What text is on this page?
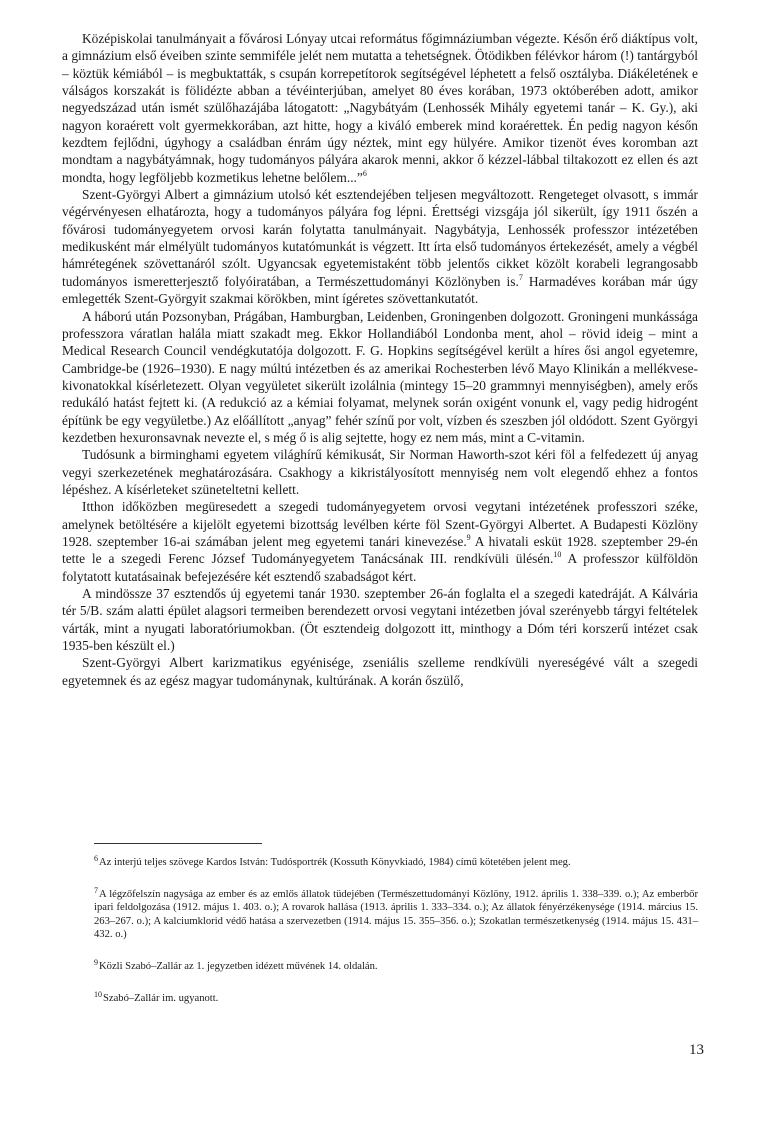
Középiskolai tanulmányait a fővárosi Lónyay utcai református főgimnáziumban végezte. Későn érő diáktípus volt, a gimnázium első éveiben szinte semmiféle jelét nem mutatta a tehetségnek. Ötödikben félévkor három (!) tantárgyból – köztük kémiából – is megbuktatták, s csupán korrepetítorok segítségével léphetett a felső osztályba. Diákéletének e válságos korszakát is fölidézte abban a tévéinterjúban, amelyet 80 éves korában, 1973 októberében adott, amikor negyedszázad után ismét szülőhazájába látogatott: „Nagybátyám (Lenhossék Mihály egyetemi tanár – K. Gy.), aki nagyon koraérett volt gyermekkorában, azt hitte, hogy a kiváló emberek mind koraérettek. Én pedig nagyon későn kezdtem fejlődni, úgyhogy a családban énrám úgy néztek, mint egy hülyére. Amikor tizenöt éves koromban azt mondtam a nagybátyámnak, hogy tudományos pályára akarok menni, akkor ő kézzel-lábbal tiltakozott ez ellen és azt mondta, hogy legföljebb kozmetikus lehetne belőlem...”$^6$

Szent-Györgyi Albert a gimnázium utolsó két esztendejében teljesen megváltozott. Rengeteget olvasott, s immár végérvényesen elhatározta, hogy a tudományos pályára fog lépni. Érettségi vizsgája jól sikerült, így 1911 őszén a fővárosi tudományegyetem orvosi karán folytatta tanulmányait. Nagybátyja, Lenhossék professzor intézetében medikusként már elmélyült tudományos kutatómunkát is végzett. Itt írta első tudományos értekezését, amely a végbél hámrétegének szövettanáról szólt. Ugyancsak egyetemistaként több jelentős cikket közölt korabeli legrangosabb tudományos ismeretterjesztő folyóiratában, a Természettudományi Közlönyben is.$^7$ Harmadéves korában már úgy emlegették Szent-Györgyit szakmai körökben, mint ígéretes szövettankutatót.

A háború után Pozsonyban, Prágában, Hamburgban, Leidenben, Groningenben dolgozott. Groningeni munkássága professzora váratlan halála miatt szakadt meg. Ekkor Hollandiából Londonba ment, ahol – rövid ideig – mint a Medical Research Council vendégkutatója dolgozott. F. G. Hopkins segítségével került a híres ősi angol egyetemre, Cambridge-be (1926–1930). E nagy múltú intézetben és az amerikai Rochesterben lévő Mayo Klinikán a mellékvese-kivonatokkal kísérletezett. Olyan vegyületet sikerült izolálnia (mintegy 15–20 grammnyi mennyiségben), amely erős redukáló hatást fejtett ki. (A redukció az a kémiai folyamat, melynek során oxigént vonunk el, vagy pedig hidrogént építünk be egy vegyületbe.) Az előállított „anyag” fehér színű por volt, vízben és szeszben jól oldódott. Szent Györgyi kezdetben hexuronsavnak nevezte el, s még ő is alig sejtette, hogy ez nem más, mint a C-vitamin.

Tudósunk a birminghami egyetem világhírű kémikusát, Sir Norman Haworth-szot kéri föl a felfedezett új anyag vegyi szerkezetének meghatározására. Csakhogy a kikristályosított mennyiség nem volt elegendő ehhez a fontos lépéshez. A kísérleteket szüneteltetni kellett.

Itthon időközben megüresedett a szegedi tudományegyetem orvosi vegytani intézetének professzori széke, amelynek betöltésére a kijelölt egyetemi bizottság levélben kérte föl Szent-Györgyi Albertet. A Budapesti Közlöny 1928. szeptember 16-ai számában jelent meg egyetemi tanári kinevezése.$^9$ A hivatali esküt 1928. szeptember 29-én tette le a szegedi Ferenc József Tudományegyetem Tanácsának III. rendkívüli ülésén.$^{10}$ A professzor külföldön folytatott kutatásainak befejezésére két esztendő szabadságot kért.

A mindössze 37 esztendős új egyetemi tanár 1930. szeptember 26-án foglalta el a szegedi katedráját. A Kálvária tér 5/B. szám alatti épület alagsori termeiben berendezett orvosi vegytani intézetben jóval szerényebb tárgyi feltételek várták, mint a nyugati laboratóriumokban. (Öt esztendeig dolgozott itt, minthogy a Dóm téri korszerű intézet csak 1935-ben készült el.)

Szent-Györgyi Albert karizmatikus egyénisége, zseniális szelleme rendkívüli nyereségévé vált a szegedi egyetemnek és az egész magyar tudománynak, kultúrának. A korán őszülő,

$^6$Az interjú teljes szövege Kardos István: Tudósportrék (Kossuth Könyvkiadó, 1984) című kötetében jelent meg.
$^7$A légzőfelszín nagysága az ember és az emlős állatok tüdejében (Természettudományi Közlöny, 1912. április 1. 338–339. o.); Az emberbőr ipari feldolgozása (1912. május 1. 403. o.); A rovarok hallása (1913. április 1. 333–334. o.); Az állatok fényérzékenysége (1914. március 15. 263–267. o.); A kalciumklorid védő hatása a szervezetben (1914. május 15. 355–356. o.); Szokatlan természetkenység (1914. május 15. 431–432. o.)
$^9$Közli Szabó–Zallár az 1. jegyzetben idézett művének 14. oldalán.
$^{10}$Szabó–Zallár im. ugyanott.
13
